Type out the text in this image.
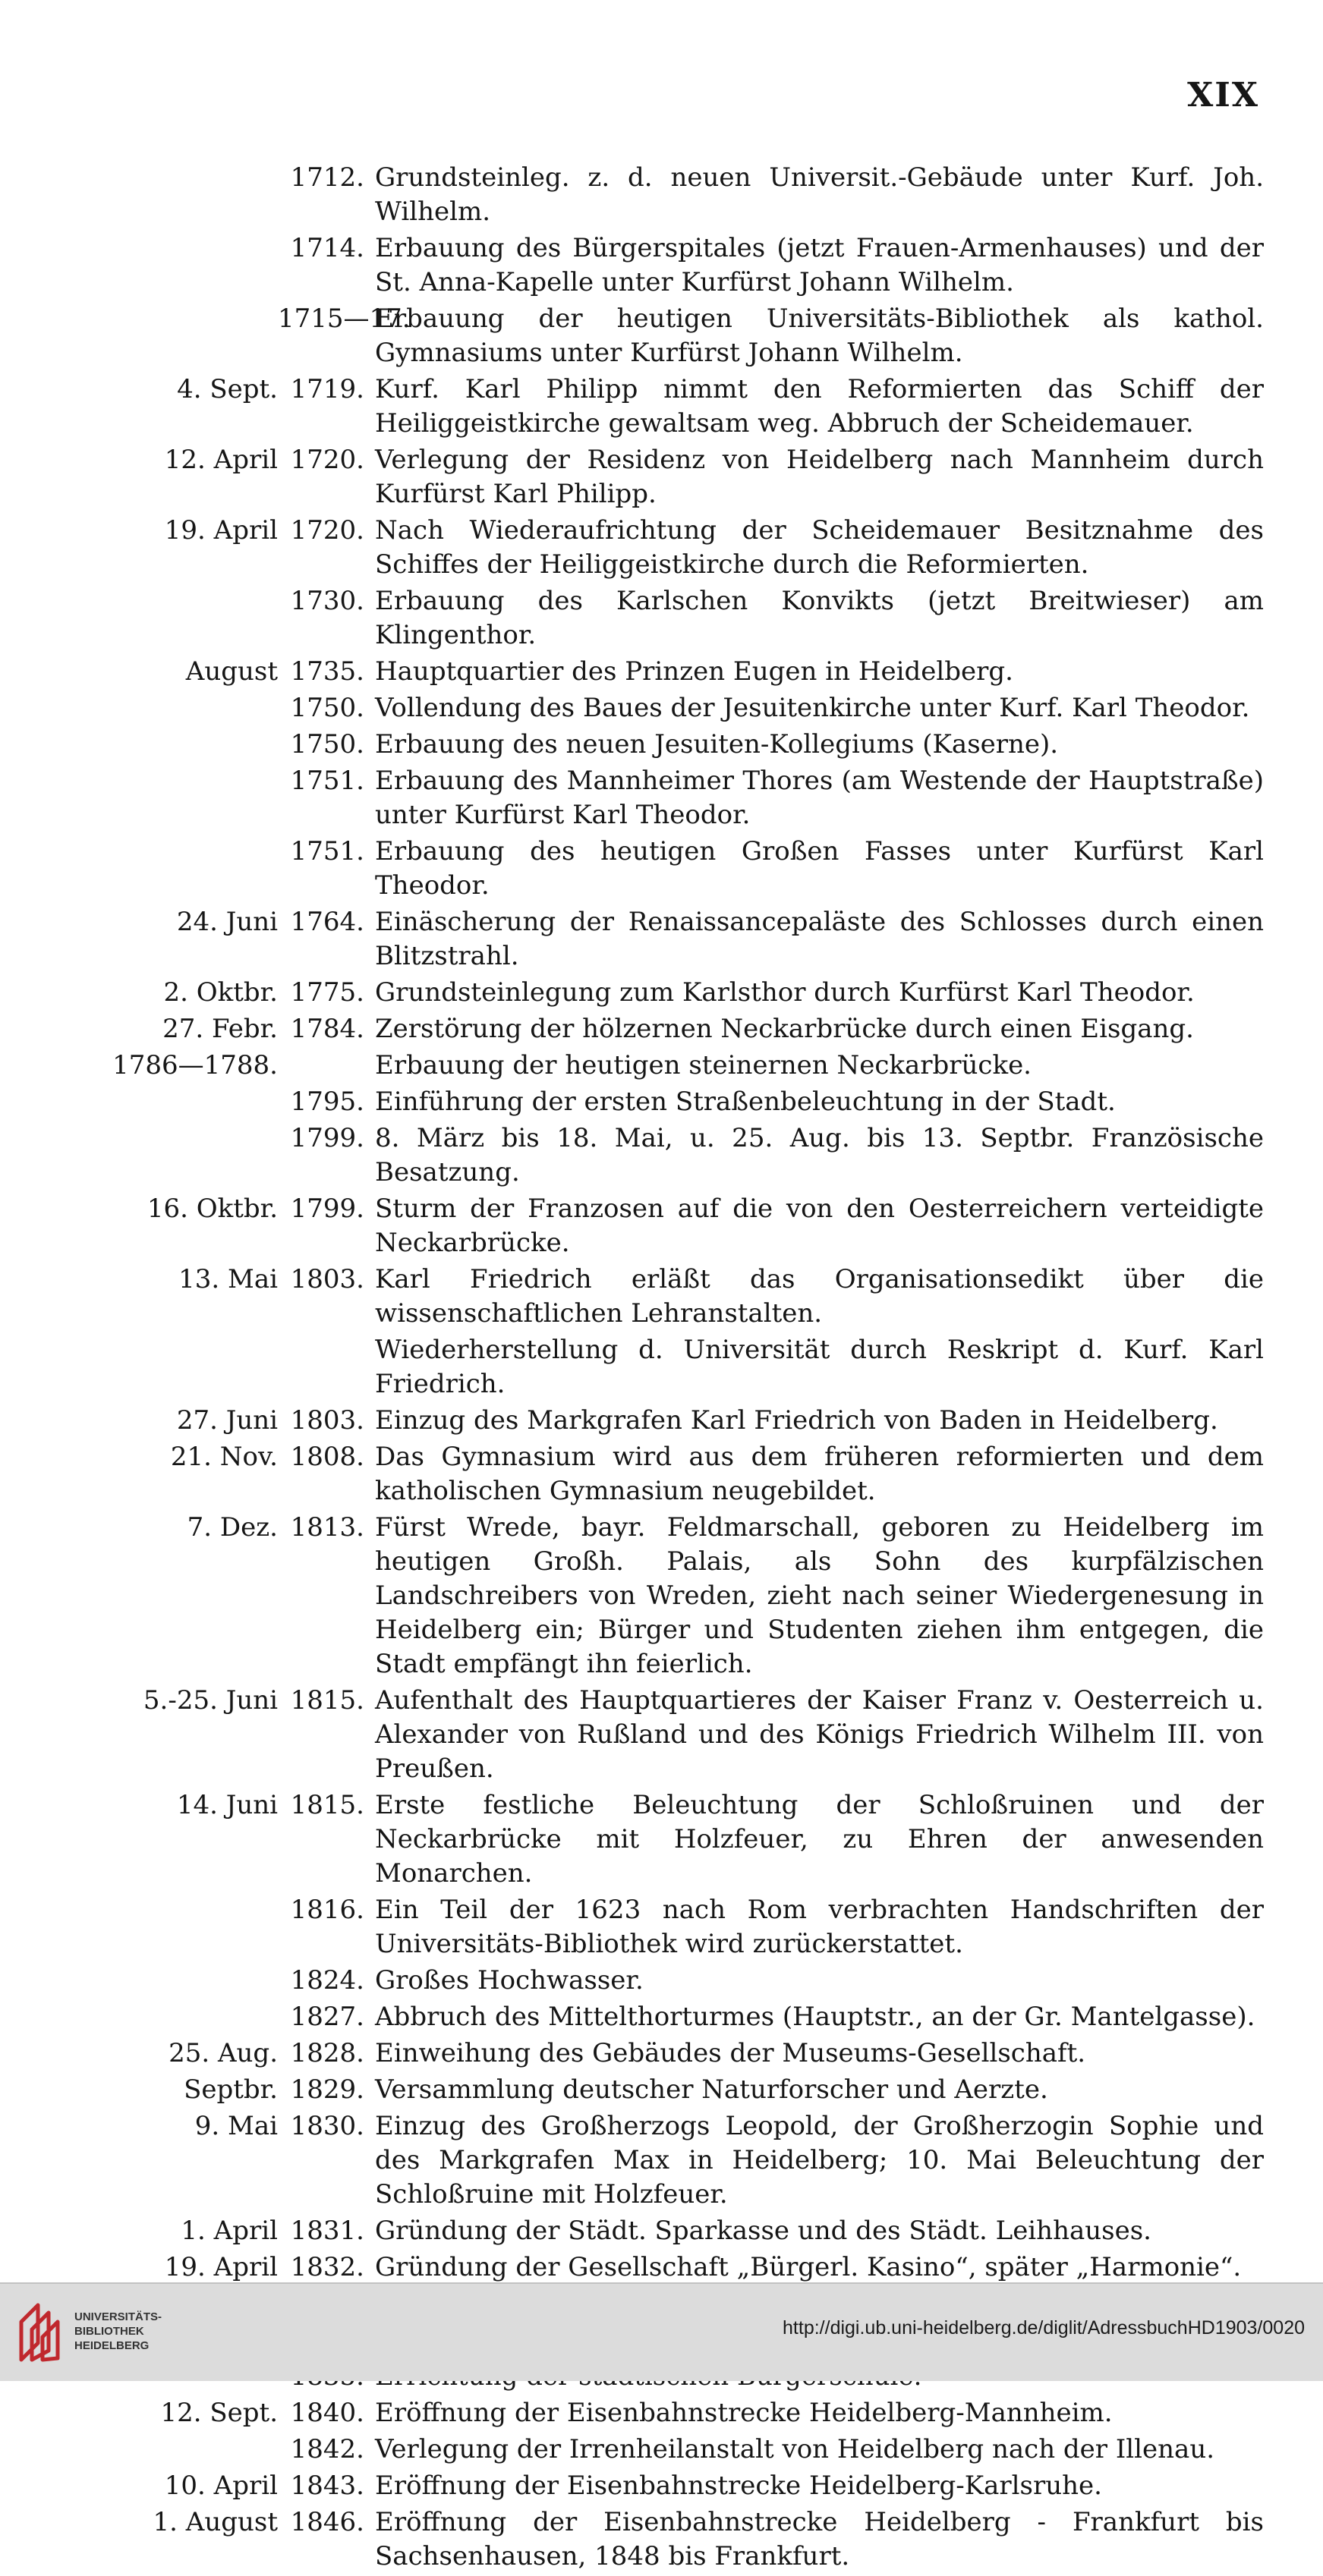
XIX
1712. Grundsteinleg. z. d. neuen Universit.-Gebäude unter Kurf. Joh. Wilhelm.
1714. Erbauung des Bürgerspitales (jetzt Frauen-Armenhauses) und der St. Anna-Kapelle unter Kurfürst Johann Wilhelm.
1715—17.
Erbauung der heutigen Universitäts-Bibliothek als kathol. Gymnasiums unter Kurfürst Johann Wilhelm.
4. Sept. 1719. Kurf. Karl Philipp nimmt den Reformierten das Schiff der Heiliggeistkirche gewaltsam weg. Abbruch der Scheidemauer.
12. April 1720. Verlegung der Residenz von Heidelberg nach Mannheim durch Kurfürst Karl Philipp.
19. April 1720. Nach Wiederaufrichtung der Scheidemauer Besitznahme des Schiffes der Heiliggeistkirche durch die Reformierten.
1730. Erbauung des Karlschen Konvikts (jetzt Breitwieser) am Klingenthor.
August 1735. Hauptquartier des Prinzen Eugen in Heidelberg.
1750. Vollendung des Baues der Jesuitenkirche unter Kurf. Karl Theodor.
1750. Erbauung des neuen Jesuiten-Kollegiums (Kaserne).
1751. Erbauung des Mannheimer Thores (am Westende der Hauptstraße) unter Kurfürst Karl Theodor.
1751. Erbauung des heutigen Großen Fasses unter Kurfürst Karl Theodor.
24. Juni 1764. Einäscherung der Renaissancepaläste des Schlosses durch einen Blitzstrahl.
2. Oktbr. 1775. Grundsteinlegung zum Karlsthor durch Kurfürst Karl Theodor.
27. Febr. 1784. Zerstörung der hölzernen Neckarbrücke durch einen Eisgang.
1786—1788.	Erbauung der heutigen steinernen Neckarbrücke.
1795. Einführung der ersten Straßenbeleuchtung in der Stadt.
1799. 8. März bis 18. Mai, u. 25. Aug. bis 13. Septbr. Französische Besatzung.
16. Oktbr. 1799. Sturm der Franzosen auf die von den Oesterreichern verteidigte Neckarbrücke.
13. Mai 1803. Karl Friedrich erläßt das Organisationsedikt über die wissenschaftlichen Lehranstalten.
Wiederherstellung d. Universität durch Reskript d. Kurf. Karl Friedrich.
27. Juni 1803. Einzug des Markgrafen Karl Friedrich von Baden in Heidelberg.
21. Nov. 1808. Das Gymnasium wird aus dem früheren reformierten und dem katholischen Gymnasium neugebildet.
7. Dez. 1813. Fürst Wrede, bayr. Feldmarschall, geboren zu Heidelberg im heutigen Großh. Palais, als Sohn des kurpfälzischen Landschreibers von Wreden, zieht nach seiner Wiedergenesung in Heidelberg ein; Bürger und Studenten ziehen ihm entgegen, die Stadt empfängt ihn feierlich.
5.-25. Juni 1815. Aufenthalt des Hauptquartieres der Kaiser Franz v. Oesterreich u. Alexander von Rußland und des Königs Friedrich Wilhelm III. von Preußen.
14. Juni 1815. Erste festliche Beleuchtung der Schloßruinen und der Neckarbrücke mit Holzfeuer, zu Ehren der anwesenden Monarchen.
1816. Ein Teil der 1623 nach Rom verbrachten Handschriften der Universitäts-Bibliothek wird zurückerstattet.
1824. Großes Hochwasser.
1827. Abbruch des Mittelthorturmes (Hauptstr., an der Gr. Mantelgasse).
25. Aug. 1828. Einweihung des Gebäudes der Museums-Gesellschaft.
Septbr. 1829. Versammlung deutscher Naturforscher und Aerzte.
9. Mai 1830. Einzug des Großherzogs Leopold, der Großherzogin Sophie und des Markgrafen Max in Heidelberg; 10. Mai Beleuchtung der Schloßruine mit Holzfeuer.
1. April 1831. Gründung der Städt. Sparkasse und des Städt. Leihhauses.
19. April 1832. Gründung der Gesellschaft „Bürgerl. Kasino“, später „Harmonie“.
12. Sept. 1840. Eröffnung der Eisenbahnstrecke Heidelberg-Mannheim.
1842. Verlegung der Irrenheilanstalt von Heidelberg nach der Illenau.
10. April 1843. Eröffnung der Eisenbahnstrecke Heidelberg-Karlsruhe.
1. August 1846. Eröffnung der Eisenbahnstrecke Heidelberg - Frankfurt bis Sachsenhausen, 1848 bis Frankfurt.
UNIVERSITÄTS-
BIBLIOTHEK
HEIDELBERG
http://digi.ub.uni-heidelberg.de/diglit/AdressbuchHD1903/0020
